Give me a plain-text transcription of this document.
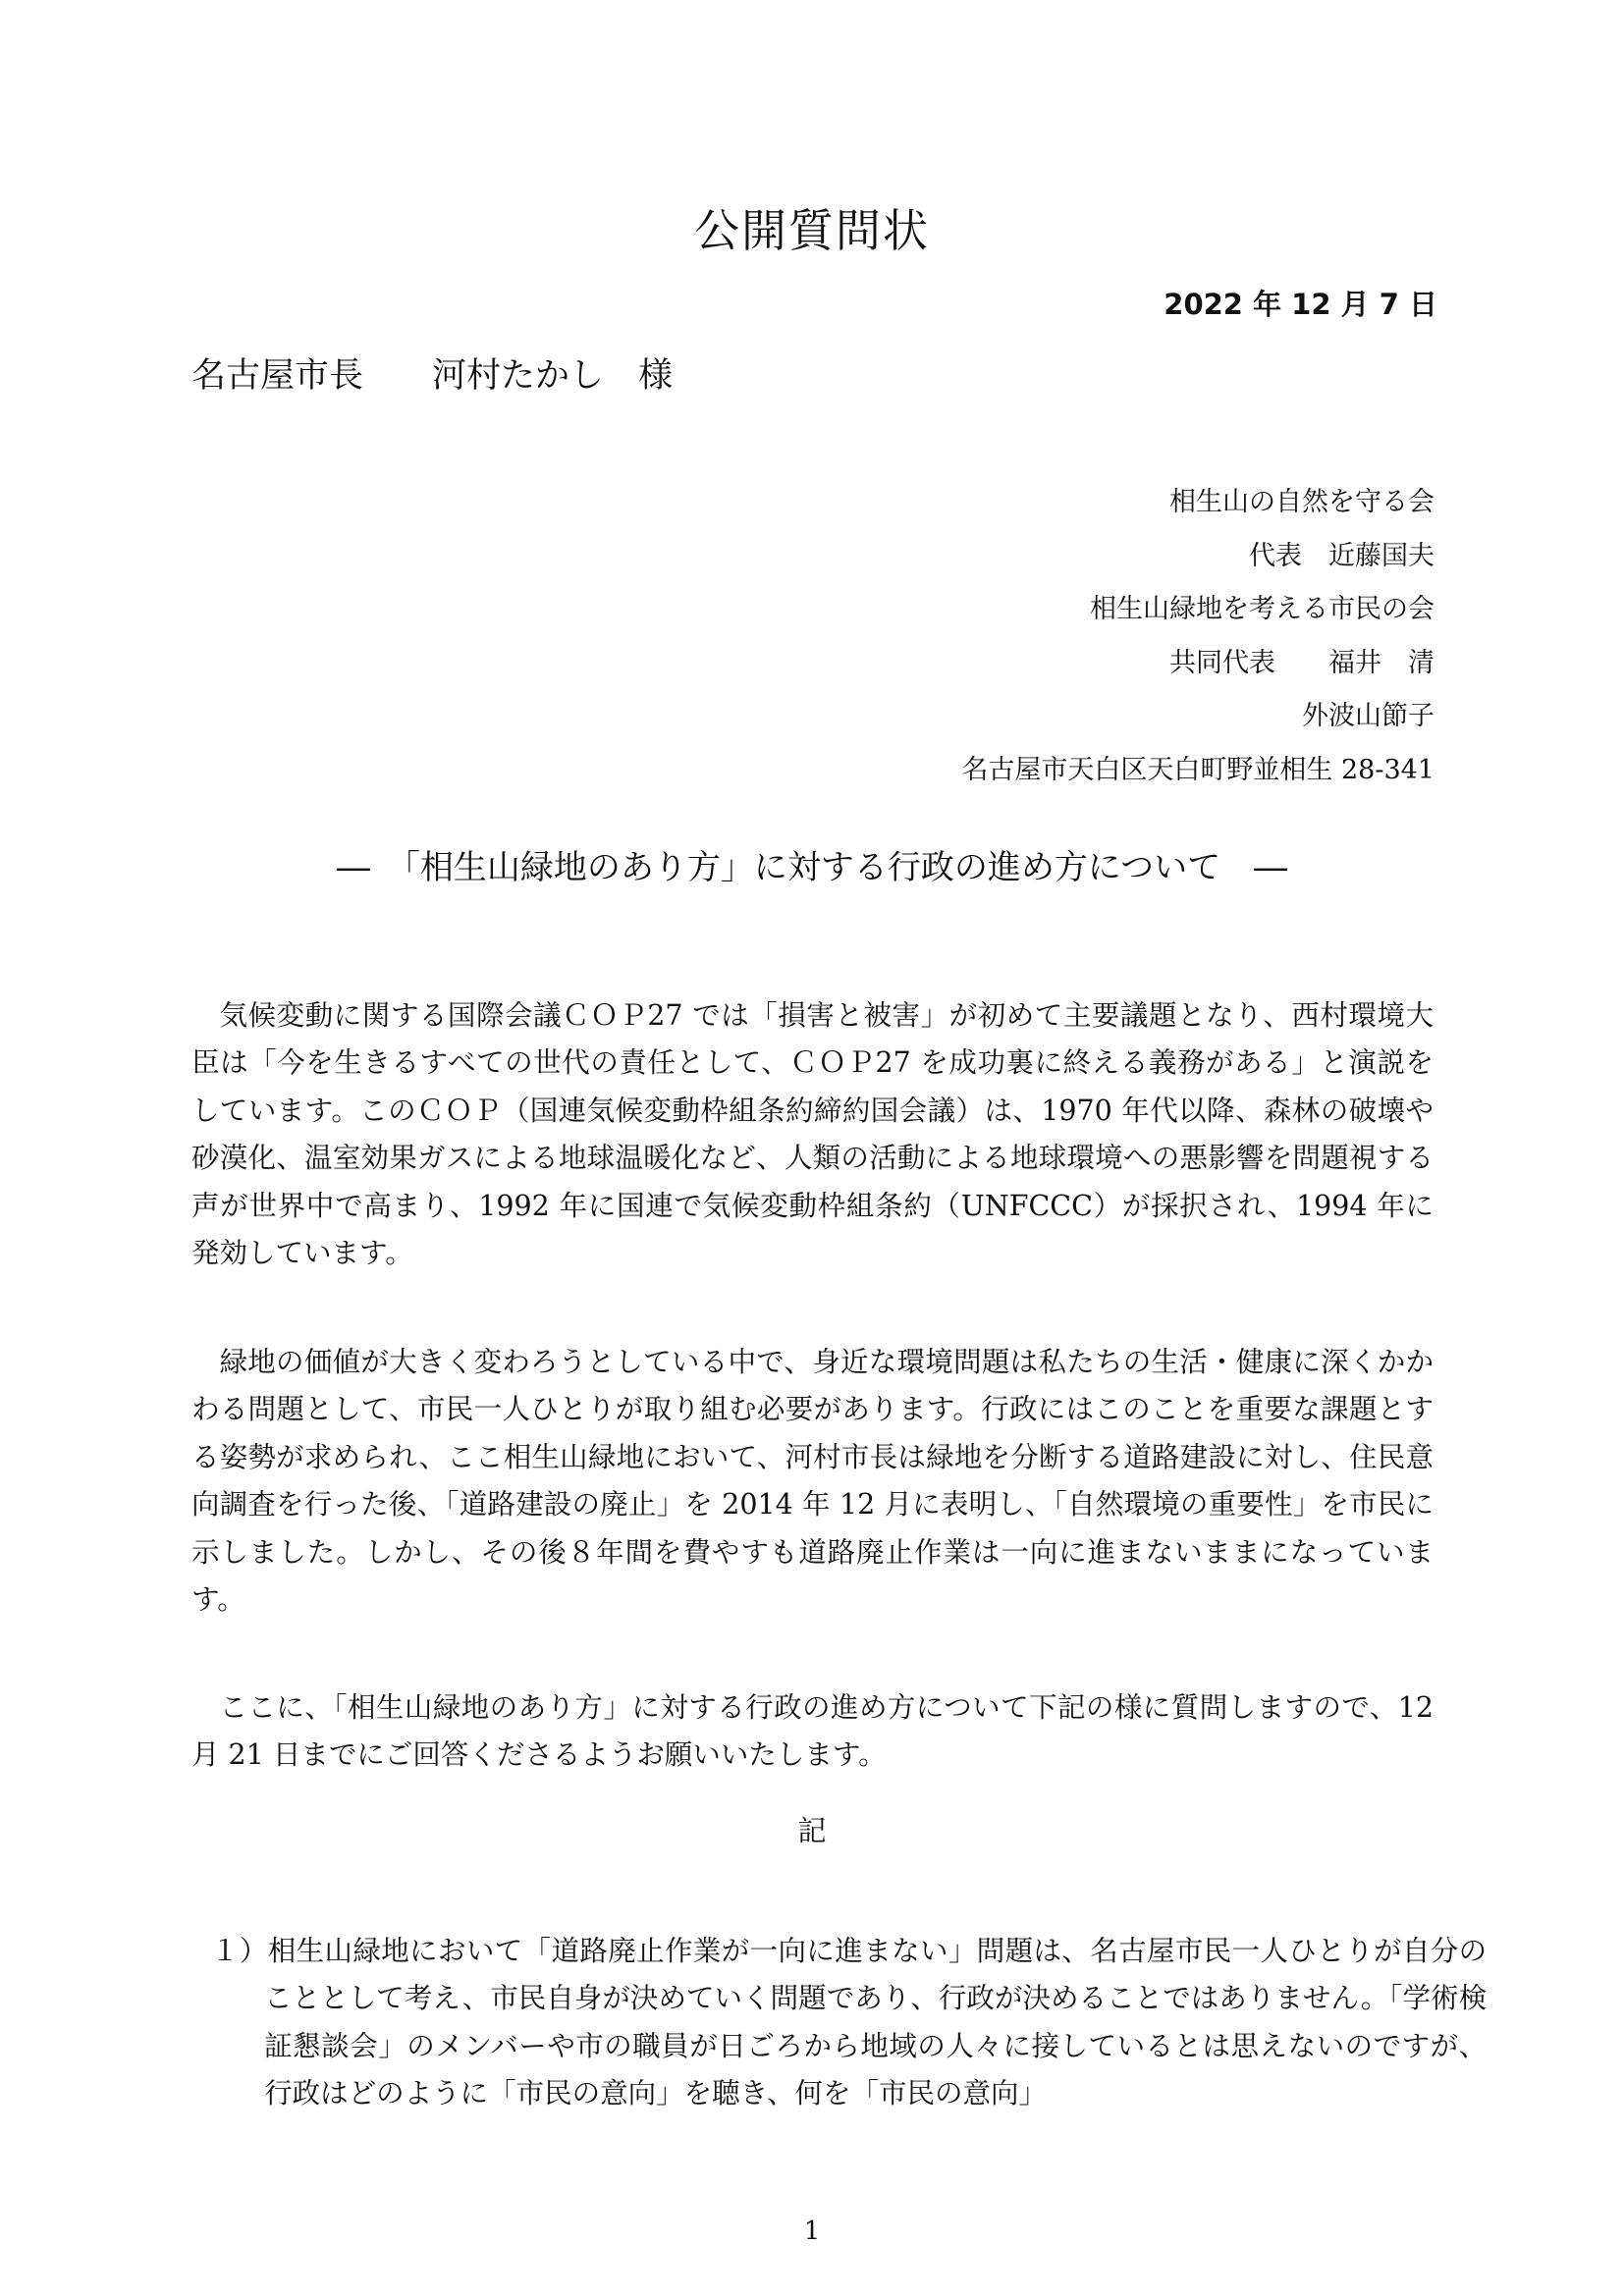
公開質問状
2022 年 12 月 7 日
名古屋市長　　河村たかし　様
相生山の自然を守る会
代表　近藤国夫
相生山緑地を考える市民の会
共同代表　　福井　清
外波山節子
名古屋市天白区天白町野並相生 28-341
―　「相生山緑地のあり方」に対する行政の進め方について　―

気候変動に関する国際会議ＣＯＰ27 では「損害と被害」が初めて主要議題となり、西村環境大臣は「今を生きるすべての世代の責任として、ＣＯＰ27 を成功裏に終える義務がある」と演説をしています。このＣＯＰ（国連気候変動枠組条約締約国会議）は、1970 年代以降、森林の破壊や砂漠化、温室効果ガスによる地球温暖化など、人類の活動による地球環境への悪影響を問題視する声が世界中で高まり、1992 年に国連で気候変動枠組条約（UNFCCC）が採択され、1994 年に発効しています。

緑地の価値が大きく変わろうとしている中で、身近な環境問題は私たちの生活・健康に深くかかわる問題として、市民一人ひとりが取り組む必要があります。行政にはこのことを重要な課題とする姿勢が求められ、ここ相生山緑地において、河村市長は緑地を分断する道路建設に対し、住民意向調査を行った後、「道路建設の廃止」を 2014 年 12 月に表明し、「自然環境の重要性」を市民に示しました。しかし、その後８年間を費やすも道路廃止作業は一向に進まないままになっています。

ここに、「相生山緑地のあり方」に対する行政の進め方について下記の様に質問しますので、12 月 21 日までにご回答くださるようお願いいたします。

記

１）相生山緑地において「道路廃止作業が一向に進まない」問題は、名古屋市民一人ひとりが自分のこととして考え、市民自身が決めていく問題であり、行政が決めることではありません。「学術検証懇談会」のメンバーや市の職員が日ごろから地域の人々に接しているとは思えないのですが、行政はどのように「市民の意向」を聴き、何を「市民の意向」

1
